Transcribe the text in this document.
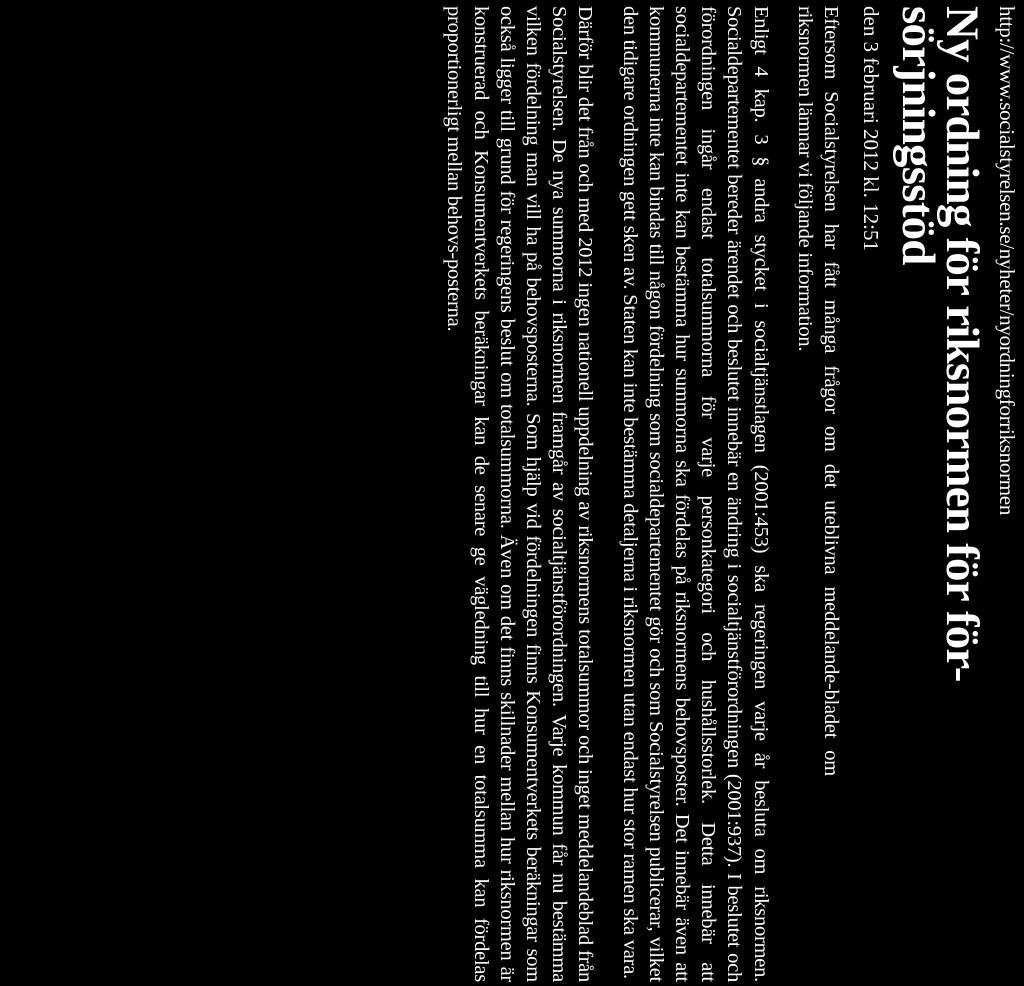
http://www.socialstyrelsen.se/nyheter/nyordningforriksnormen
Ny ordning för riksnormen för för-sörjningsstöd
den 3 februari 2012 kl. 12:51

Eftersom Socialstyrelsen har fått många frågor om det uteblivna meddelande-bladet om riksnormen lämnar vi följande information.

Enligt 4 kap. 3 § andra stycket i socialtjänstlagen (2001:453) ska regeringen varje år besluta om riksnormen. Socialdepartementet bereder ärendet och beslutet innebär en ändring i socialtjänstförordningen (2001:937). I beslutet och förordningen ingår endast totalsummorna för varje personkategori och hushållsstorlek. Detta innebär att socialdepartementet inte kan bestämma hur summorna ska fördelas på riksnormens behovsposter. Det innebär även att kommunerna inte kan bindas till någon fördelning som socialdepartementet gör och som Socialstyrelsen publicerar, vilket den tidigare ordningen gett sken av. Staten kan inte bestämma detaljerna i riksnormen utan endast hur stor ramen ska vara.

Därför blir det från och med 2012 ingen nationell uppdelning av riksnormens totalsummor och inget meddelandeblad från Socialstyrelsen. De nya summorna i riksnormen framgår av socialtjänstförordningen. Varje kommun får nu bestämma vilken fördelning man vill ha på behovsposterna. Som hjälp vid fördelningen finns Konsumentverkets beräkningar som också ligger till grund för regeringens beslut om totalsummorna. Även om det finns skillnader mellan hur riksnormen är konstruerad och Konsumentverkets beräkningar kan de senare ge vägledning till hur en totalsumma kan fördelas proportionerligt mellan behovs-posterna.
